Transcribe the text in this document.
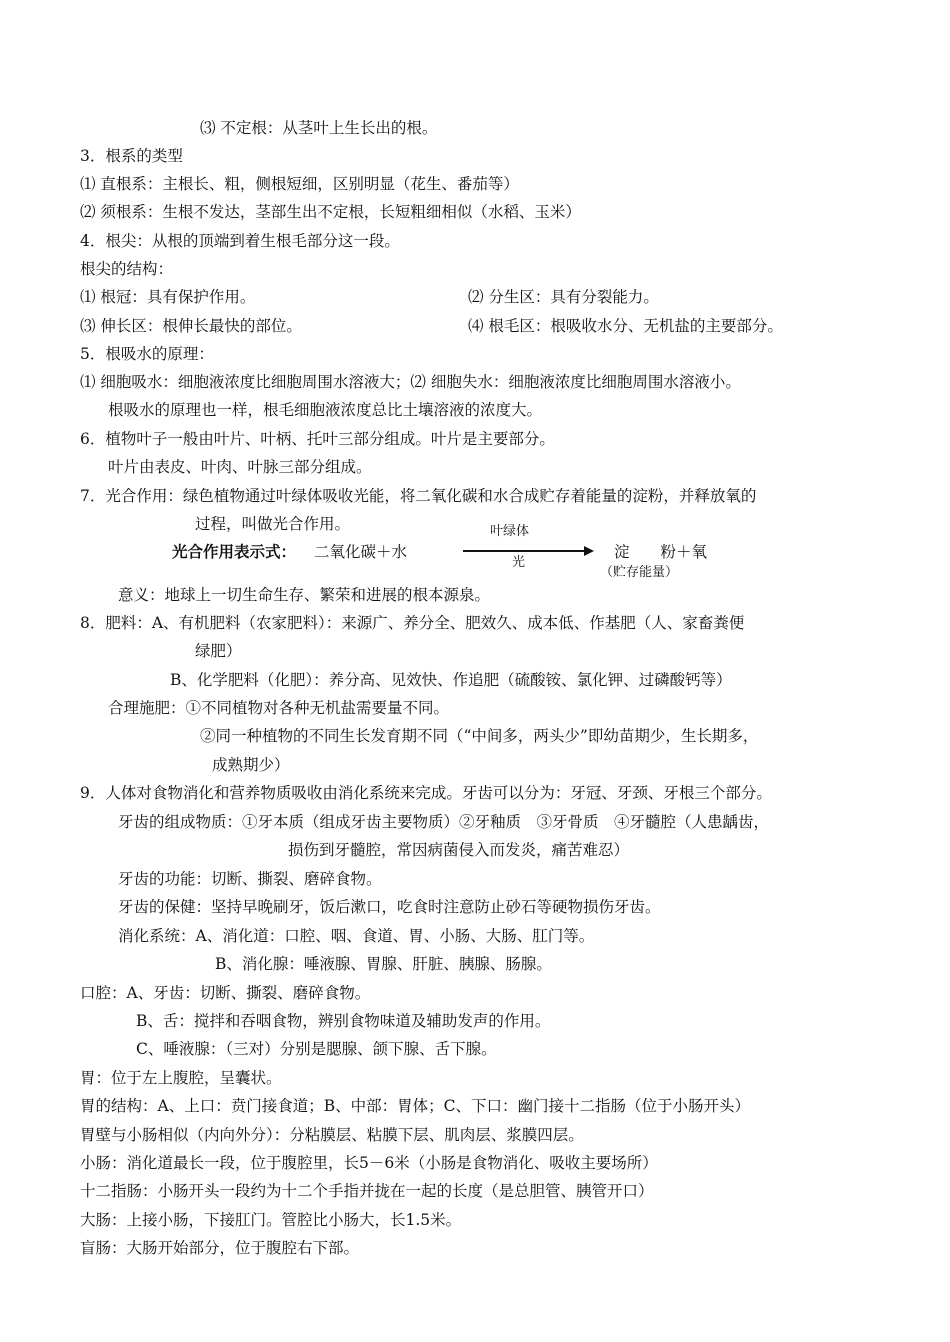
⑶ 不定根：从茎叶上生长出的根。
3．根系的类型
⑴ 直根系：主根长、粗，侧根短细，区别明显（花生、番茄等）
⑵ 须根系：生根不发达，茎部生出不定根，长短粗细相似（水稻、玉米）
4．根尖：从根的顶端到着生根毛部分这一段。
根尖的结构：
⑴ 根冠：具有保护作用。	⑵ 分生区：具有分裂能力。
⑶ 伸长区：根伸长最快的部位。	⑷ 根毛区：根吸收水分、无机盐的主要部分。
5．根吸水的原理：
⑴ 细胞吸水：细胞液浓度比细胞周围水溶液大；⑵ 细胞失水：细胞液浓度比细胞周围水溶液小。
根吸水的原理也一样，根毛细胞液浓度总比土壤溶液的浓度大。
6．植物叶子一般由叶片、叶柄、托叶三部分组成。叶片是主要部分。
叶片由表皮、叶肉、叶脉三部分组成。
7．光合作用：绿色植物通过叶绿体吸收光能，将二氧化碳和水合成贮存着能量的淀粉，并释放氧的
过程，叫做光合作用。
光合作用表示式： 二氧化碳＋水
叶绿体
光
淀　　粉＋氧
（贮存能量）
意义：地球上一切生命生存、繁荣和进展的根本源泉。
8．肥料：A、有机肥料（农家肥料）：来源广、养分全、肥效久、成本低、作基肥（人、家畜粪便
绿肥）
B、化学肥料（化肥）：养分高、见效快、作追肥（硫酸铵、氯化钾、过磷酸钙等）
合理施肥：①不同植物对各种无机盐需要量不同。
②同一种植物的不同生长发育期不同（“中间多，两头少”即幼苗期少，生长期多，
成熟期少）
9．人体对食物消化和营养物质吸收由消化系统来完成。牙齿可以分为：牙冠、牙颈、牙根三个部分。
牙齿的组成物质：①牙本质（组成牙齿主要物质）②牙釉质　③牙骨质　④牙髓腔（人患龋齿，
损伤到牙髓腔，常因病菌侵入而发炎，痛苦难忍）
牙齿的功能：切断、撕裂、磨碎食物。
牙齿的保健：坚持早晚刷牙，饭后漱口，吃食时注意防止砂石等硬物损伤牙齿。
消化系统：A、消化道：口腔、咽、食道、胃、小肠、大肠、肛门等。
B、消化腺：唾液腺、胃腺、肝脏、胰腺、肠腺。
口腔：A、牙齿：切断、撕裂、磨碎食物。
B、舌：搅拌和吞咽食物，辨别食物味道及辅助发声的作用。
C、唾液腺：（三对）分别是腮腺、颌下腺、舌下腺。
胃：位于左上腹腔，呈囊状。
胃的结构：A、上口：贲门接食道；B、中部：胃体；C、下口：幽门接十二指肠（位于小肠开头）
胃壁与小肠相似（内向外分）：分粘膜层、粘膜下层、肌肉层、浆膜四层。
小肠：消化道最长一段，位于腹腔里，长5－6米（小肠是食物消化、吸收主要场所）
十二指肠：小肠开头一段约为十二个手指并拢在一起的长度（是总胆管、胰管开口）
大肠：上接小肠，下接肛门。管腔比小肠大，长1.5米。
盲肠：大肠开始部分，位于腹腔右下部。
